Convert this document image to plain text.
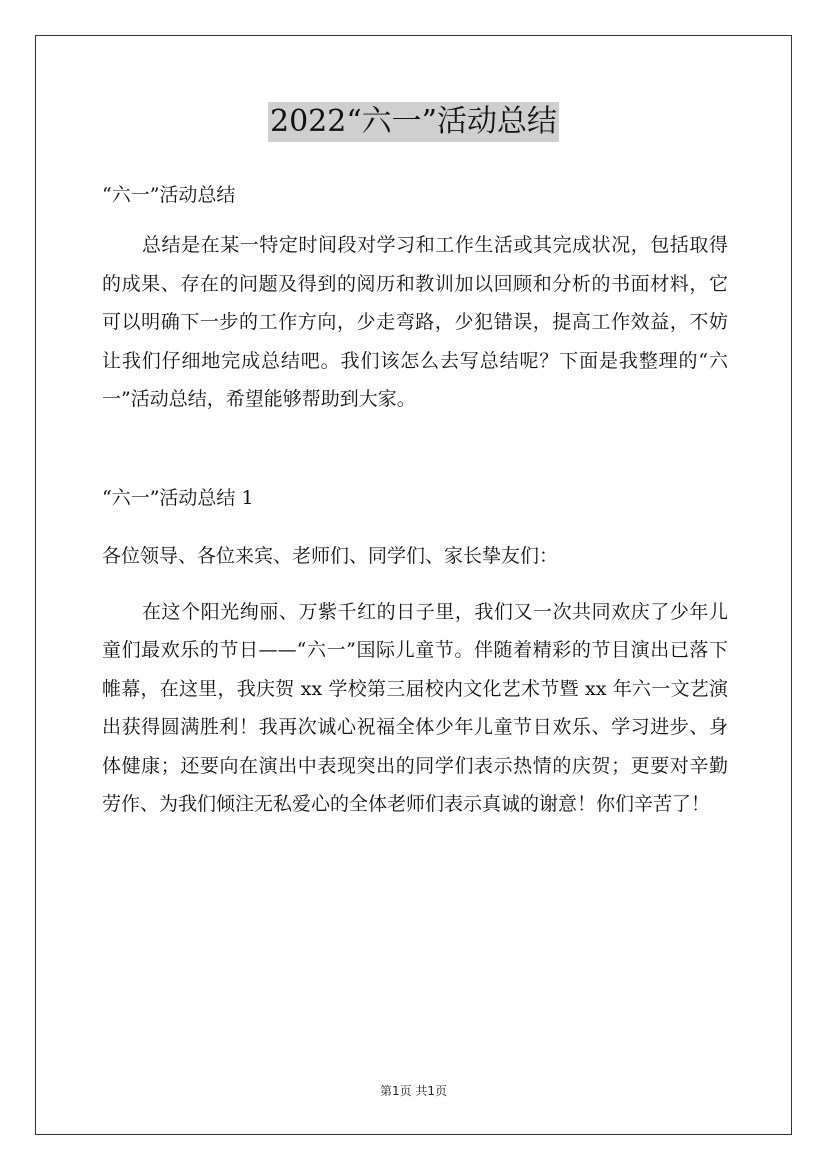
2022“六一”活动总结

“六一”活动总结

总结是在某一特定时间段对学习和工作生活或其完成状况，包括取得的成果、存在的问题及得到的阅历和教训加以回顾和分析的书面材料，它可以明确下一步的工作方向，少走弯路，少犯错误，提高工作效益，不妨让我们仔细地完成总结吧。我们该怎么去写总结呢？下面是我整理的“六一”活动总结，希望能够帮助到大家。

“六一”活动总结 1

各位领导、各位来宾、老师们、同学们、家长挚友们：

在这个阳光绚丽、万紫千红的日子里，我们又一次共同欢庆了少年儿童们最欢乐的节日——“六一”国际儿童节。伴随着精彩的节目演出已落下帷幕，在这里，我庆贺 xx 学校第三届校内文化艺术节暨 xx 年六一文艺演出获得圆满胜利！我再次诚心祝福全体少年儿童节日欢乐、学习进步、身体健康；还要向在演出中表现突出的同学们表示热情的庆贺；更要对辛勤劳作、为我们倾注无私爱心的全体老师们表示真诚的谢意！你们辛苦了！

第1页 共1页
